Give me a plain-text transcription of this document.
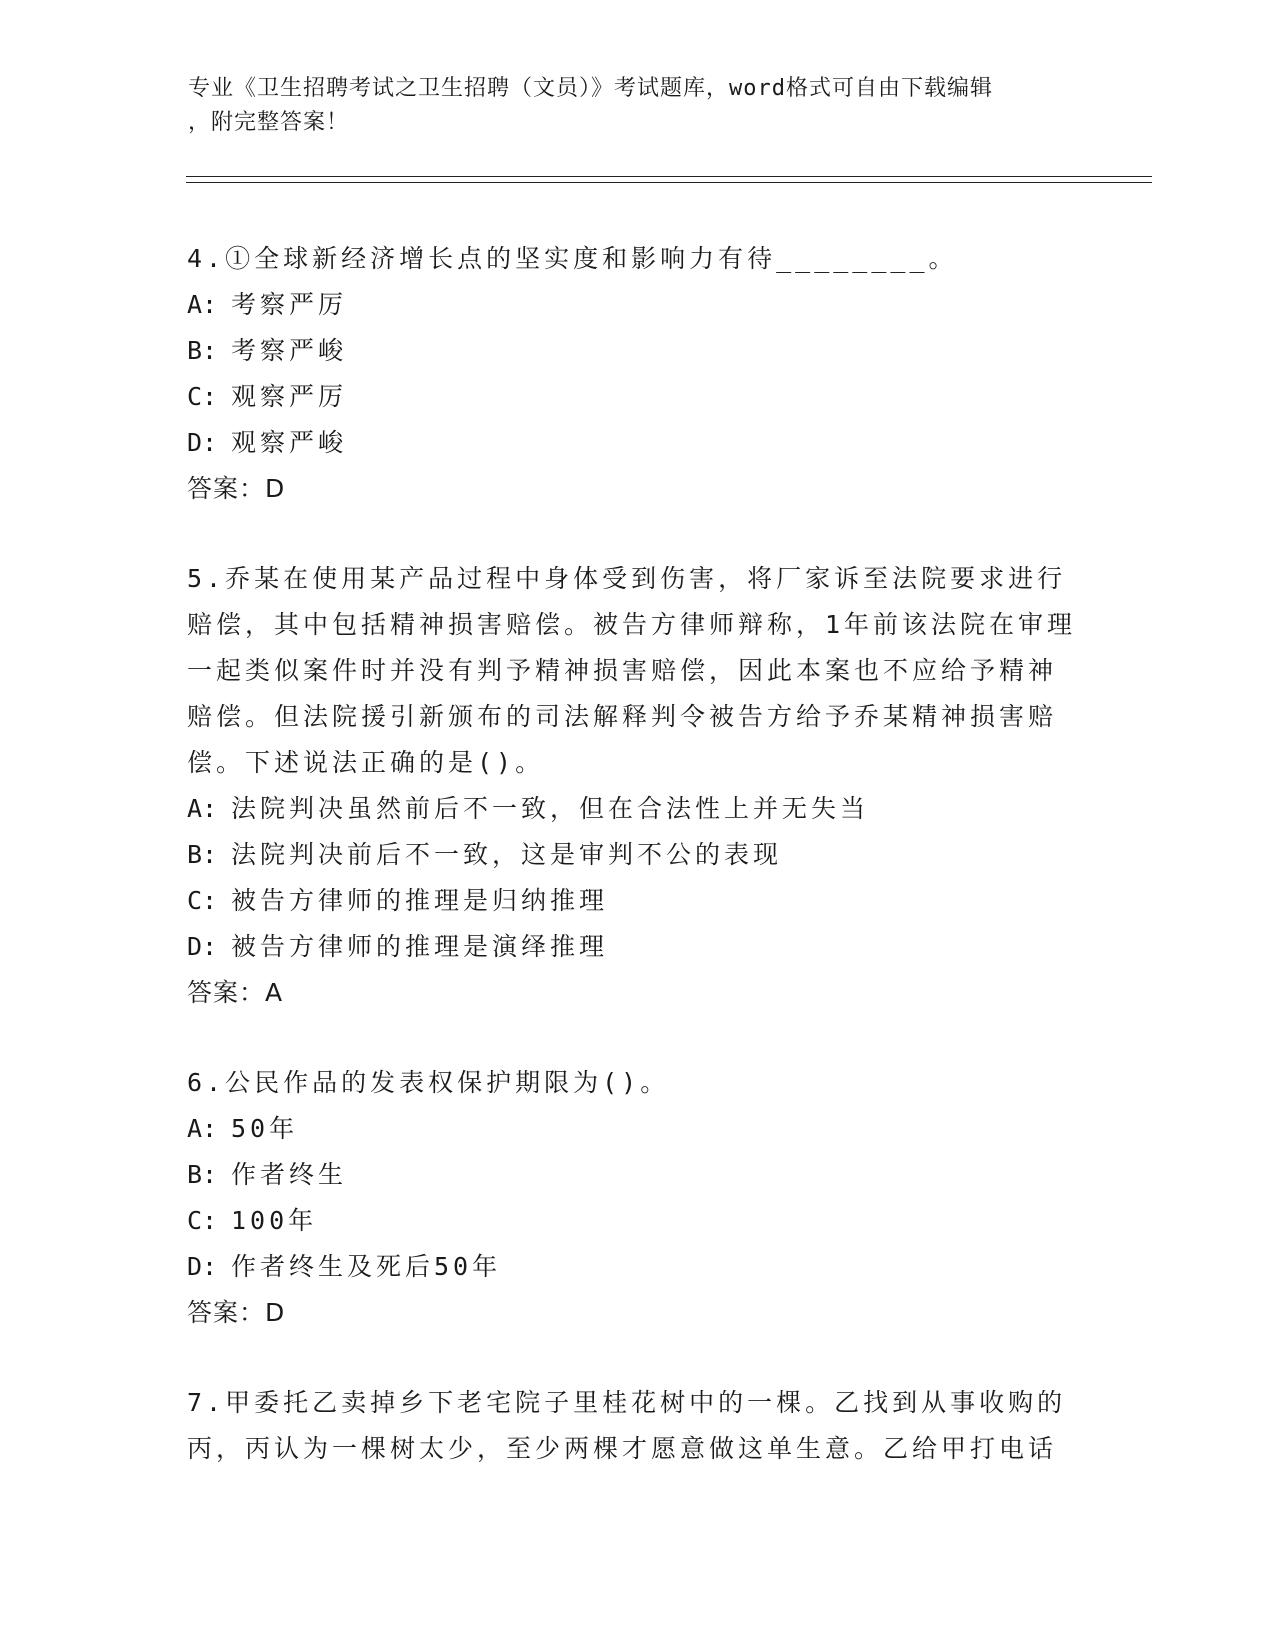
专业《卫生招聘考试之卫生招聘（文员）》考试题库，word格式可自由下载编辑
，附完整答案！
4.①全球新经济增长点的坚实度和影响力有待________。
A: 考察严厉
B: 考察严峻
C: 观察严厉
D: 观察严峻
答案：D
5.乔某在使用某产品过程中身体受到伤害，将厂家诉至法院要求进行
赔偿，其中包括精神损害赔偿。被告方律师辩称，1年前该法院在审理
一起类似案件时并没有判予精神损害赔偿，因此本案也不应给予精神
赔偿。但法院援引新颁布的司法解释判令被告方给予乔某精神损害赔
偿。下述说法正确的是()。
A: 法院判决虽然前后不一致，但在合法性上并无失当
B: 法院判决前后不一致，这是审判不公的表现
C: 被告方律师的推理是归纳推理
D: 被告方律师的推理是演绎推理
答案：A
6.公民作品的发表权保护期限为()。
A: 50年
B: 作者终生
C: 100年
D: 作者终生及死后50年
答案：D
7.甲委托乙卖掉乡下老宅院子里桂花树中的一棵。乙找到从事收购的
丙，丙认为一棵树太少，至少两棵才愿意做这单生意。乙给甲打电话
